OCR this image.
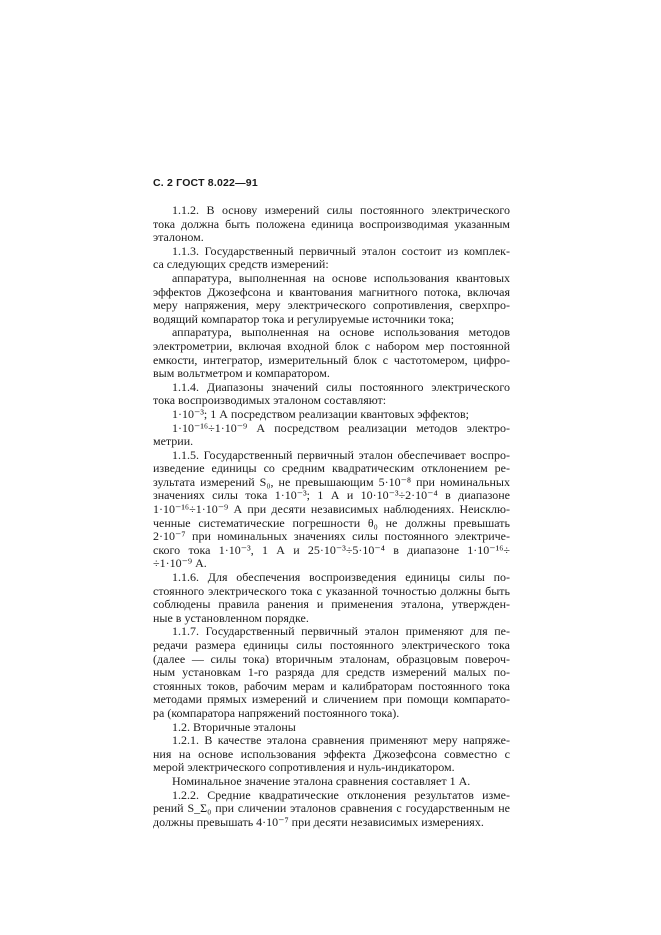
С. 2 ГОСТ 8.022—91
1.1.2. В основу измерений силы постоянного электрического
тока должна быть положена единица воспроизводимая указанным
эталоном.
1.1.3. Государственный первичный эталон состоит из комплек-
са следующих средств измерений:
аппаратура, выполненная на основе использования квантовых
эффектов Джозефсона и квантования магнитного потока, включая
меру напряжения, меру электрического сопротивления, сверхпро-
водящий компаратор тока и регулируемые источники тока;
аппаратура, выполненная на основе использования методов
электрометрии, включая входной блок с набором мер постоянной
емкости, интегратор, измерительный блок с частотомером, цифро-
вым вольтметром и компаратором.
1.1.4. Диапазоны значений силы постоянного электрического
тока воспроизводимых эталоном составляют:
1·10⁻³; 1 А посредством реализации квантовых эффектов;
1·10⁻¹⁶÷1·10⁻⁹ А посредством реализации методов электро-
метрии.
1.1.5. Государственный первичный эталон обеспечивает воспро-
изведение единицы со средним квадратическим отклонением ре-
зультата измерений S₀, не превышающим 5·10⁻⁸ при номинальных
значениях силы тока 1·10⁻³; 1 А и 10·10⁻³÷2·10⁻⁴ в диапазоне
1·10⁻¹⁶÷1·10⁻⁹ А при десяти независимых наблюдениях. Неисклю-
ченные систематические погрешности θ₀ не должны превышать
2·10⁻⁷ при номинальных значениях силы постоянного электриче-
ского тока 1·10⁻³, 1 А и 25·10⁻³÷5·10⁻⁴ в диапазоне 1·10⁻¹⁶÷
÷1·10⁻⁹ А.
1.1.6. Для обеспечения воспроизведения единицы силы по-
стоянного электрического тока с указанной точностью должны быть
соблюдены правила ранения и применения эталона, утвержден-
ные в установленном порядке.
1.1.7. Государственный первичный эталон применяют для пе-
редачи размера единицы силы постоянного электрического тока
(далее — силы тока) вторичным эталонам, образцовым повероч-
ным установкам 1-го разряда для средств измерений малых по-
стоянных токов, рабочим мерам и калибраторам постоянного тока
методами прямых измерений и сличением при помощи компарато-
ра (компаратора напряжений постоянного тока).
1.2. Вторичные эталоны
1.2.1. В качестве эталона сравнения применяют меру напряже-
ния на основе использования эффекта Джозефсона совместно с
мерой электрического сопротивления и нуль-индикатором.
Номинальное значение эталона сравнения составляет 1 А.
1.2.2. Средние квадратические отклонения результатов изме-
рений S_Σ₀ при сличении эталонов сравнения с государственным не
должны превышать 4·10⁻⁷ при десяти независимых измерениях.
